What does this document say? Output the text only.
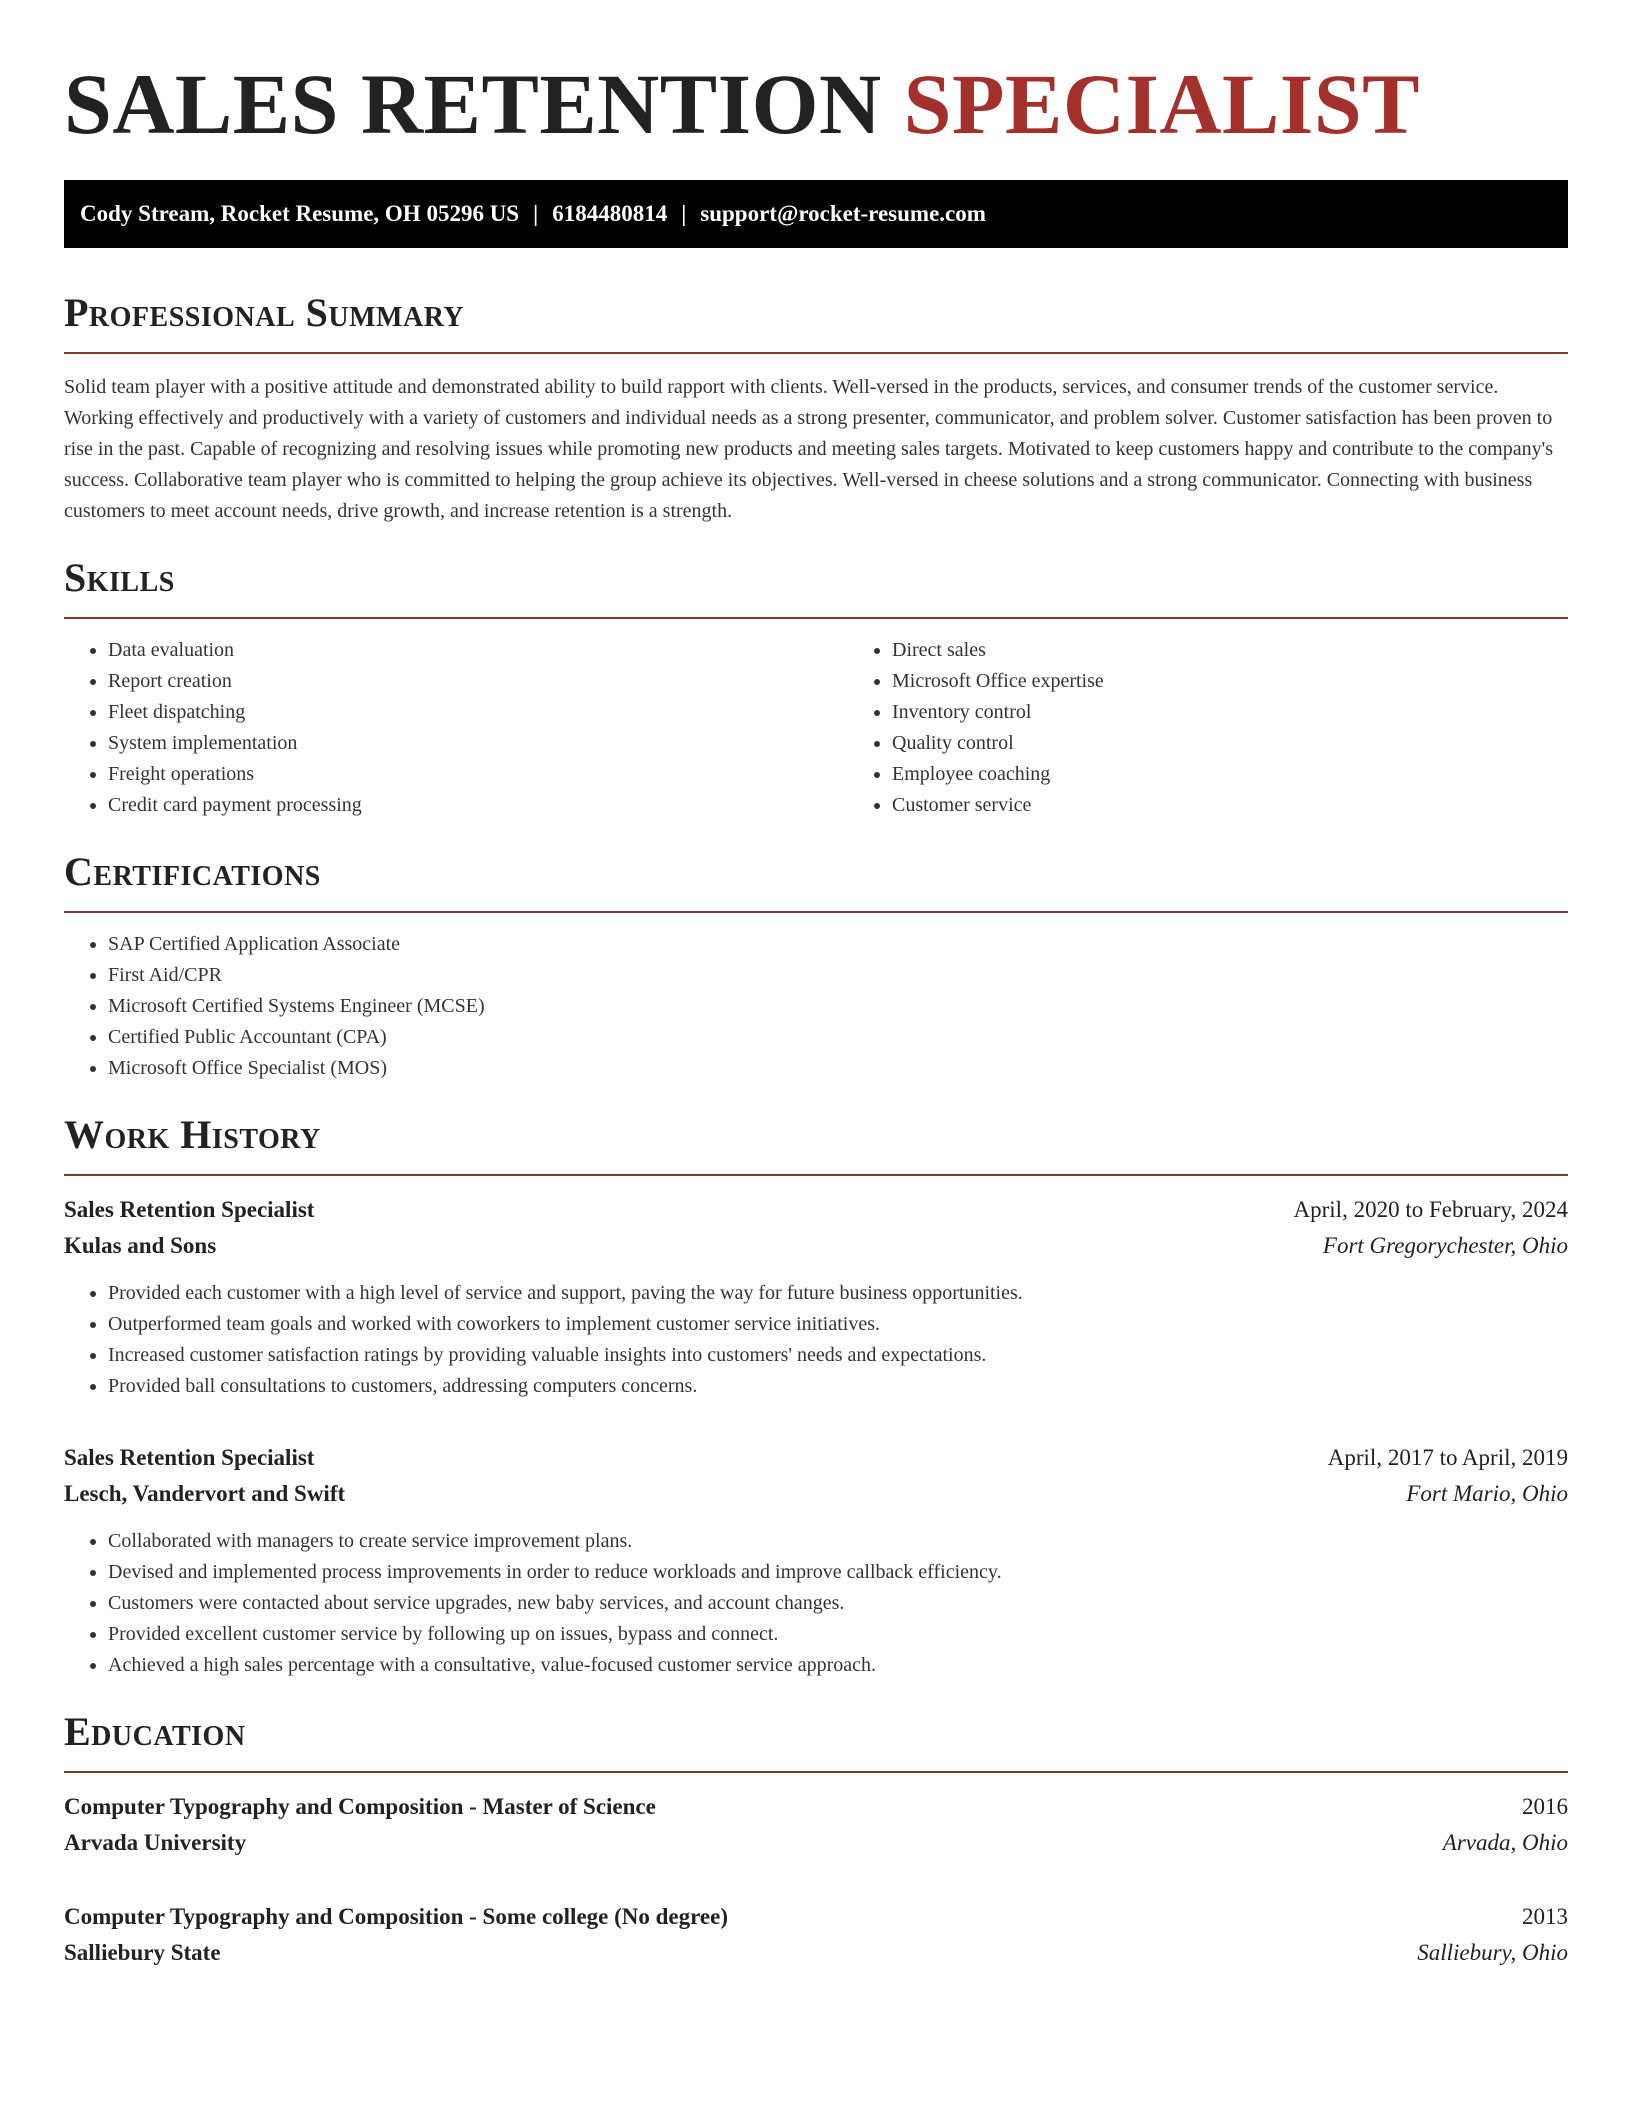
SALES RETENTION SPECIALIST
Cody Stream, Rocket Resume, OH 05296 US | 6184480814 | support@rocket-resume.com
Professional Summary

Solid team player with a positive attitude and demonstrated ability to build rapport with clients. Well-versed in the products, services, and consumer trends of the customer service. Working effectively and productively with a variety of customers and individual needs as a strong presenter, communicator, and problem solver. Customer satisfaction has been proven to rise in the past. Capable of recognizing and resolving issues while promoting new products and meeting sales targets. Motivated to keep customers happy and contribute to the company's success. Collaborative team player who is committed to helping the group achieve its objectives. Well-versed in cheese solutions and a strong communicator. Connecting with business customers to meet account needs, drive growth, and increase retention is a strength.

Skills
• Data evaluation
• Report creation
• Fleet dispatching
• System implementation
• Freight operations
• Credit card payment processing
• Direct sales
• Microsoft Office expertise
• Inventory control
• Quality control
• Employee coaching
• Customer service
Certifications
• SAP Certified Application Associate
• First Aid/CPR
• Microsoft Certified Systems Engineer (MCSE)
• Certified Public Accountant (CPA)
• Microsoft Office Specialist (MOS)
Work History
Sales Retention Specialist	April, 2020 to February, 2024
Kulas and Sons	Fort Gregorychester, Ohio
• Provided each customer with a high level of service and support, paving the way for future business opportunities.
• Outperformed team goals and worked with coworkers to implement customer service initiatives.
• Increased customer satisfaction ratings by providing valuable insights into customers' needs and expectations.
• Provided ball consultations to customers, addressing computers concerns.
Sales Retention Specialist	April, 2017 to April, 2019
Lesch, Vandervort and Swift	Fort Mario, Ohio
• Collaborated with managers to create service improvement plans.
• Devised and implemented process improvements in order to reduce workloads and improve callback efficiency.
• Customers were contacted about service upgrades, new baby services, and account changes.
• Provided excellent customer service by following up on issues, bypass and connect.
• Achieved a high sales percentage with a consultative, value-focused customer service approach.
Education
Computer Typography and Composition - Master of Science	2016
Arvada University	Arvada, Ohio
Computer Typography and Composition - Some college (No degree)	2013
Salliebury State	Salliebury, Ohio
